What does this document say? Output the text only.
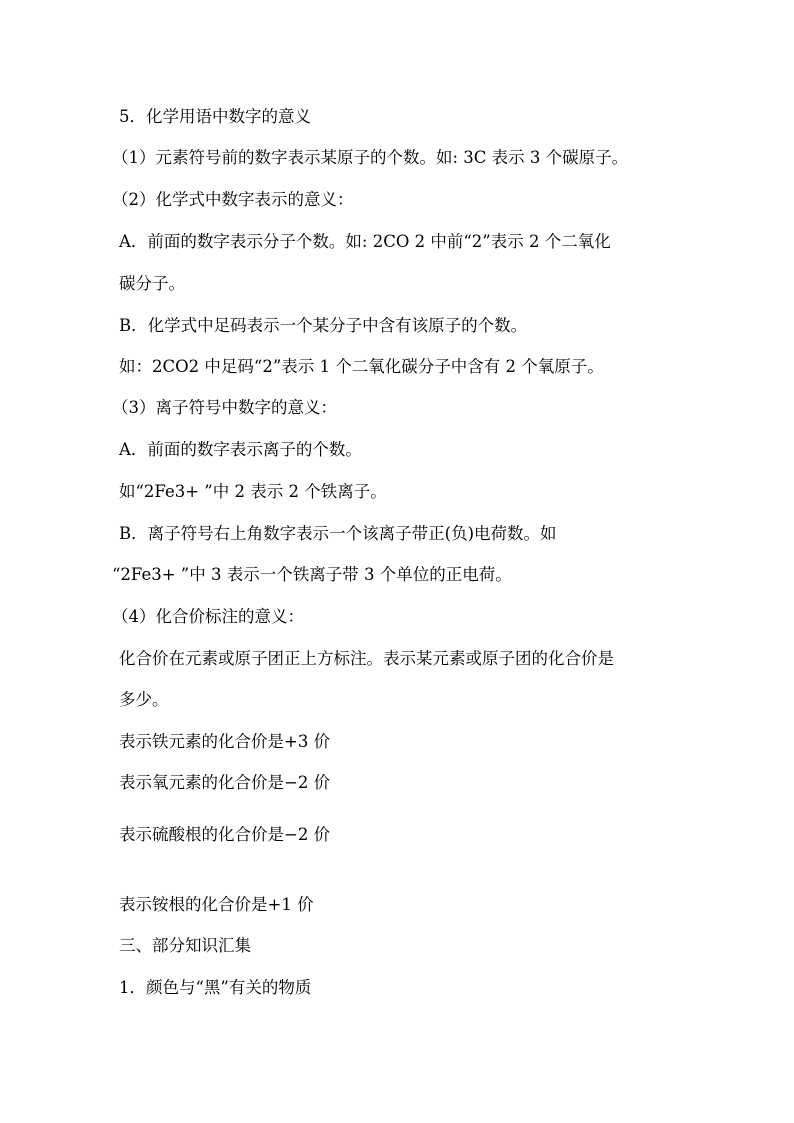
5．化学用语中数字的意义
（1）元素符号前的数字表示某原子的个数。如: 3C 表示 3 个碳原子。
（2）化学式中数字表示的意义：
A．前面的数字表示分子个数。如: 2CO 2 中前“2”表示 2 个二氧化
碳分子。
B．化学式中足码表示一个某分子中含有该原子的个数。
如：2CO2 中足码“2”表示 1 个二氧化碳分子中含有 2 个氧原子。
（3）离子符号中数字的意义：
A．前面的数字表示离子的个数。
如“2Fe3+ ”中 2 表示 2 个铁离子。
B．离子符号右上角数字表示一个该离子带正(负)电荷数。如
“2Fe3+ ”中 3 表示一个铁离子带 3 个单位的正电荷。
（4）化合价标注的意义：
化合价在元素或原子团正上方标注。表示某元素或原子团的化合价是
多少。
表示铁元素的化合价是+3 价
表示氧元素的化合价是−2 价
表示硫酸根的化合价是−2 价
表示铵根的化合价是+1 价
三、部分知识汇集
1．颜色与“黑”有关的物质
